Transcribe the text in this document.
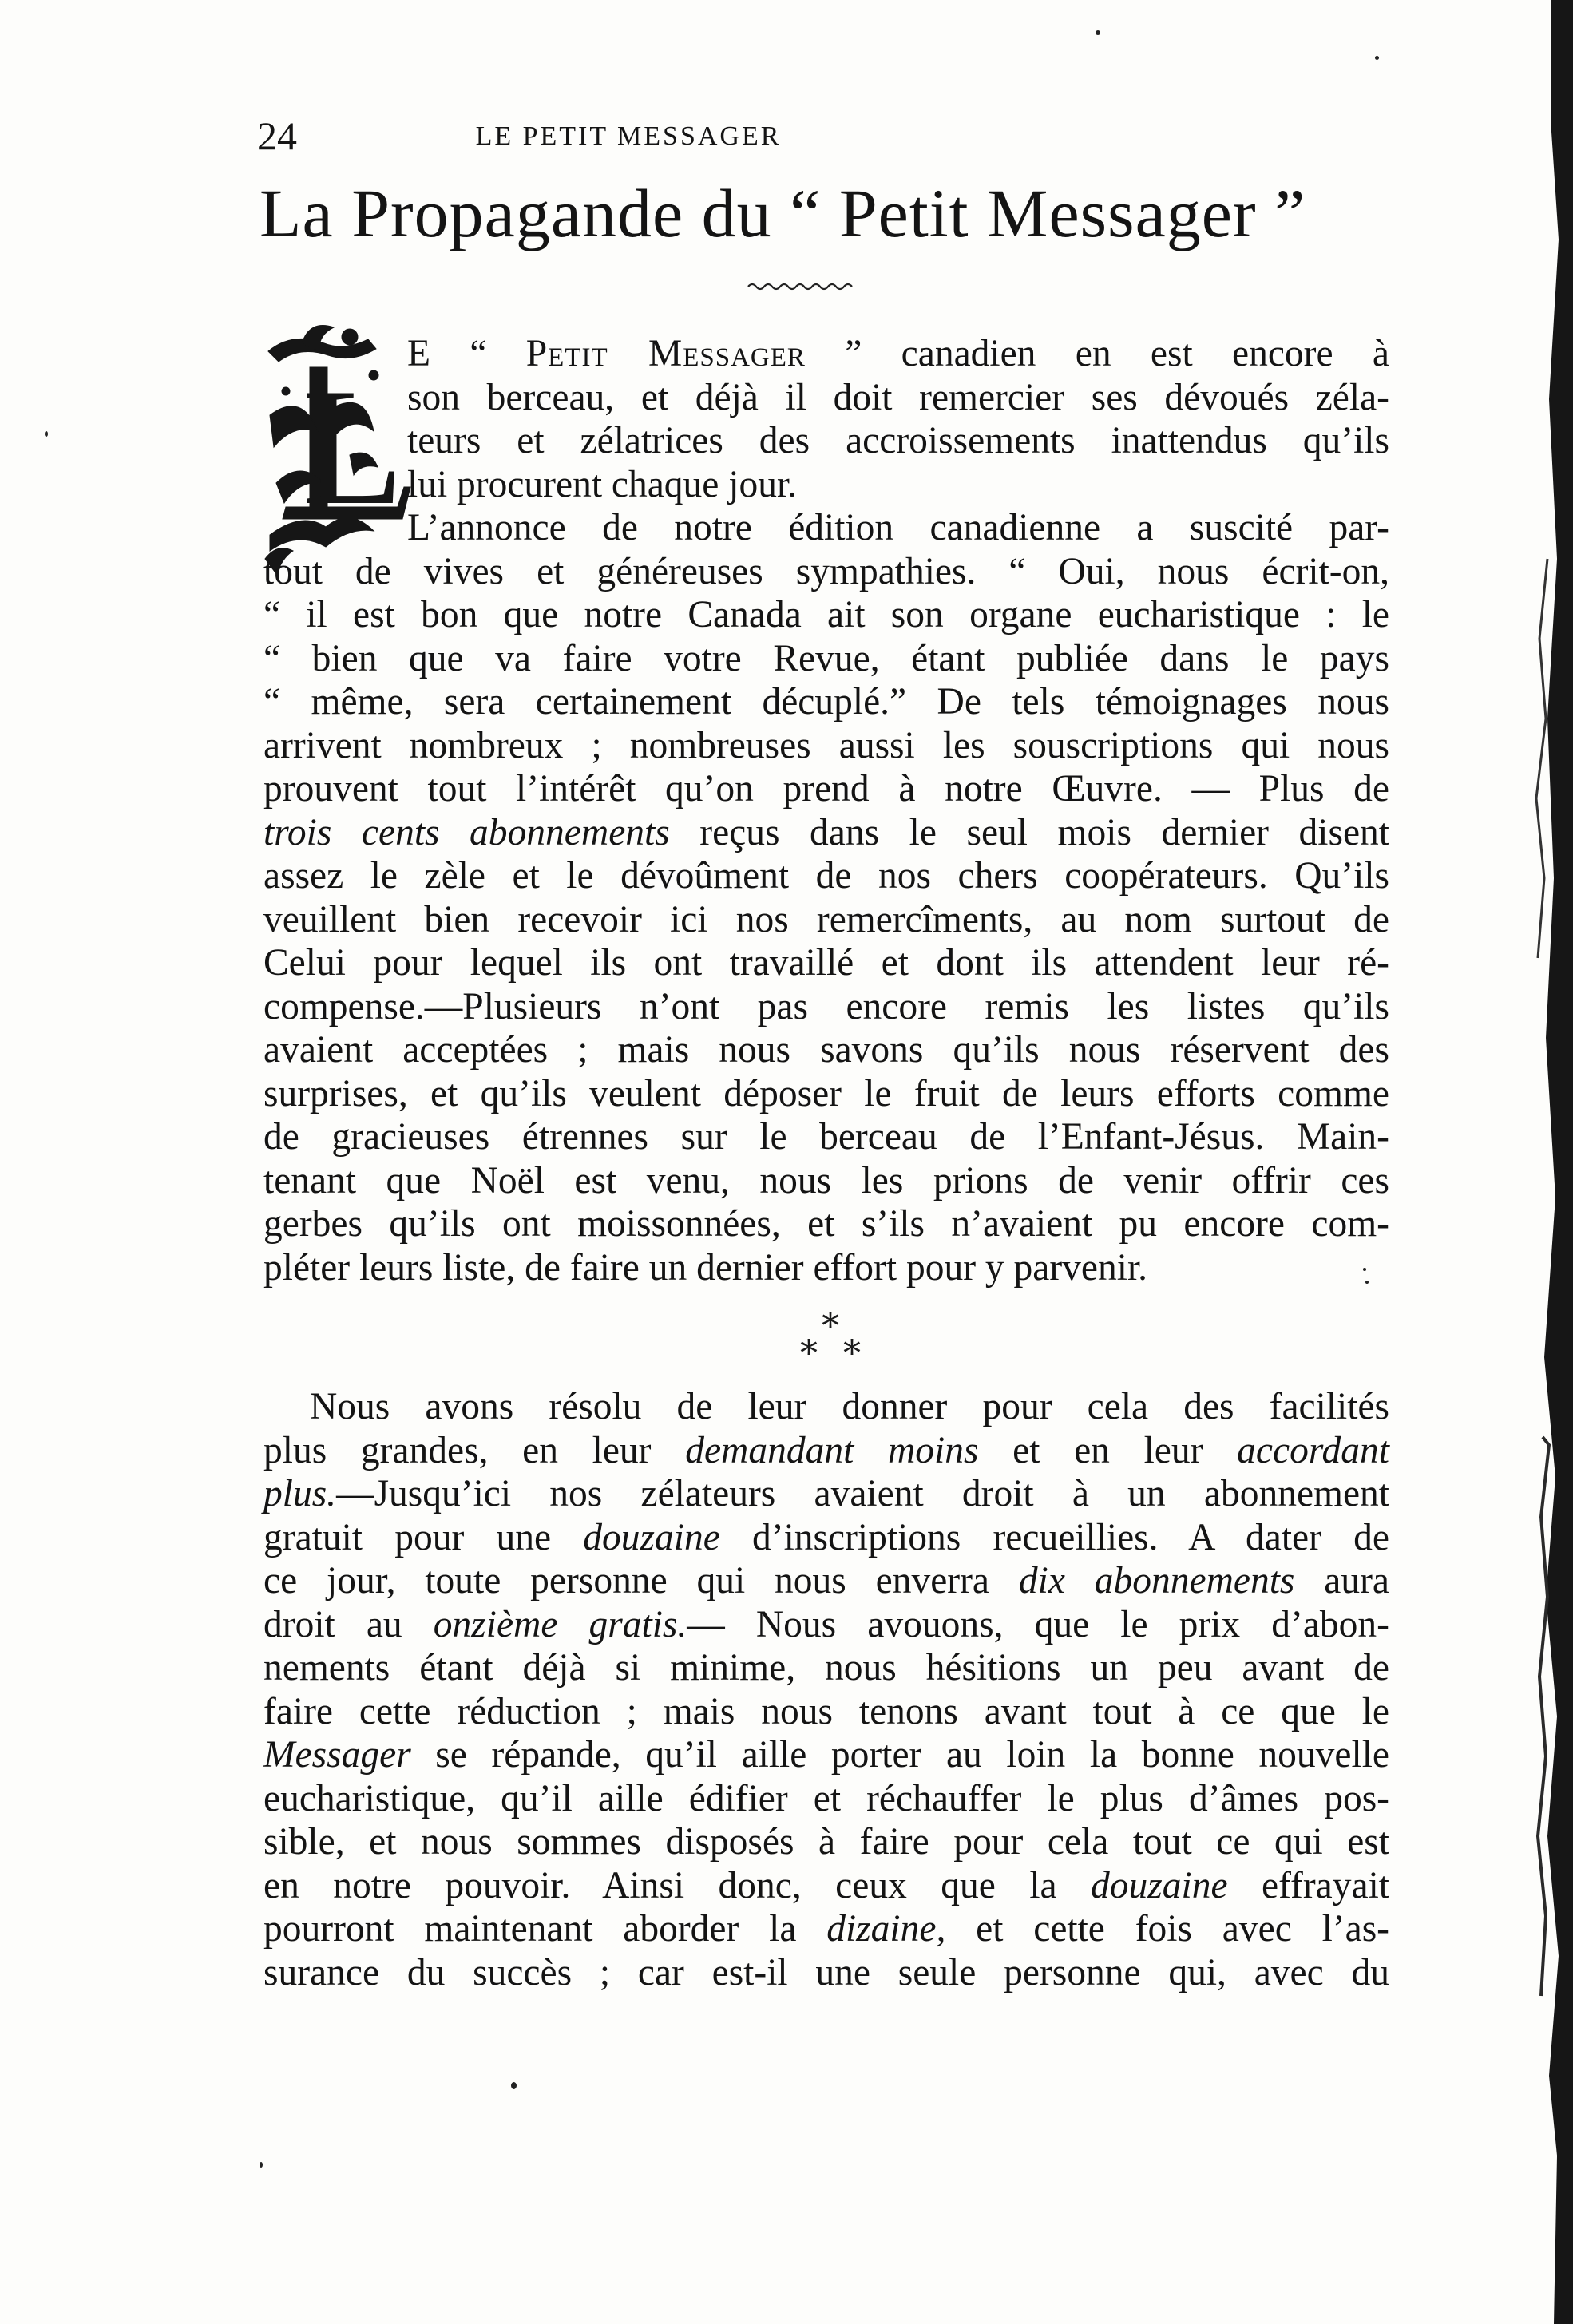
24	LE PETIT MESSAGER
La Propagande du “ Petit Messager ”
L
E “ Petit Messager ” canadien en est encore à
son berceau, et déjà il doit remercier ses dévoués zéla-
teurs et zélatrices des accroissements inattendus qu’ils
lui procurent chaque jour.
L’annonce de notre édition canadienne a suscité par-
tout de vives et généreuses sympathies. “ Oui, nous écrit-on,
“ il est bon que notre Canada ait son organe eucharistique : le
“ bien que va faire votre Revue, étant publiée dans le pays
“ même, sera certainement décuplé.” De tels témoignages nous
arrivent nombreux ; nombreuses aussi les souscriptions qui nous
prouvent tout l’intérêt qu’on prend à notre Œuvre. — Plus de
trois cents abonnements reçus dans le seul mois dernier disent
assez le zèle et le dévoûment de nos chers coopérateurs. Qu’ils
veuillent bien recevoir ici nos remercîments, au nom surtout de
Celui pour lequel ils ont travaillé et dont ils attendent leur ré-
compense.—Plusieurs n’ont pas encore remis les listes qu’ils
avaient acceptées ; mais nous savons qu’ils nous réservent des
surprises, et qu’ils veulent déposer le fruit de leurs efforts comme
de gracieuses étrennes sur le berceau de l’Enfant-Jésus. Main-
tenant que Noël est venu, nous les prions de venir offrir ces
gerbes qu’ils ont moissonnées, et s’ils n’avaient pu encore com-
pléter leurs liste, de faire un dernier effort pour y parvenir.
*
* *
Nous avons résolu de leur donner pour cela des facilités
plus grandes, en leur demandant moins et en leur accordant
plus.—Jusqu’ici nos zélateurs avaient droit à un abonnement
gratuit pour une douzaine d’inscriptions recueillies. A dater de
ce jour, toute personne qui nous enverra dix abonnements aura
droit au onzième gratis.— Nous avouons, que le prix d’abon-
nements étant déjà si minime, nous hésitions un peu avant de
faire cette réduction ; mais nous tenons avant tout à ce que le
Messager se répande, qu’il aille porter au loin la bonne nouvelle
eucharistique, qu’il aille édifier et réchauffer le plus d’âmes pos-
sible, et nous sommes disposés à faire pour cela tout ce qui est
en notre pouvoir. Ainsi donc, ceux que la douzaine effrayait
pourront maintenant aborder la dizaine, et cette fois avec l’as-
surance du succès ; car est-il une seule personne qui, avec du
